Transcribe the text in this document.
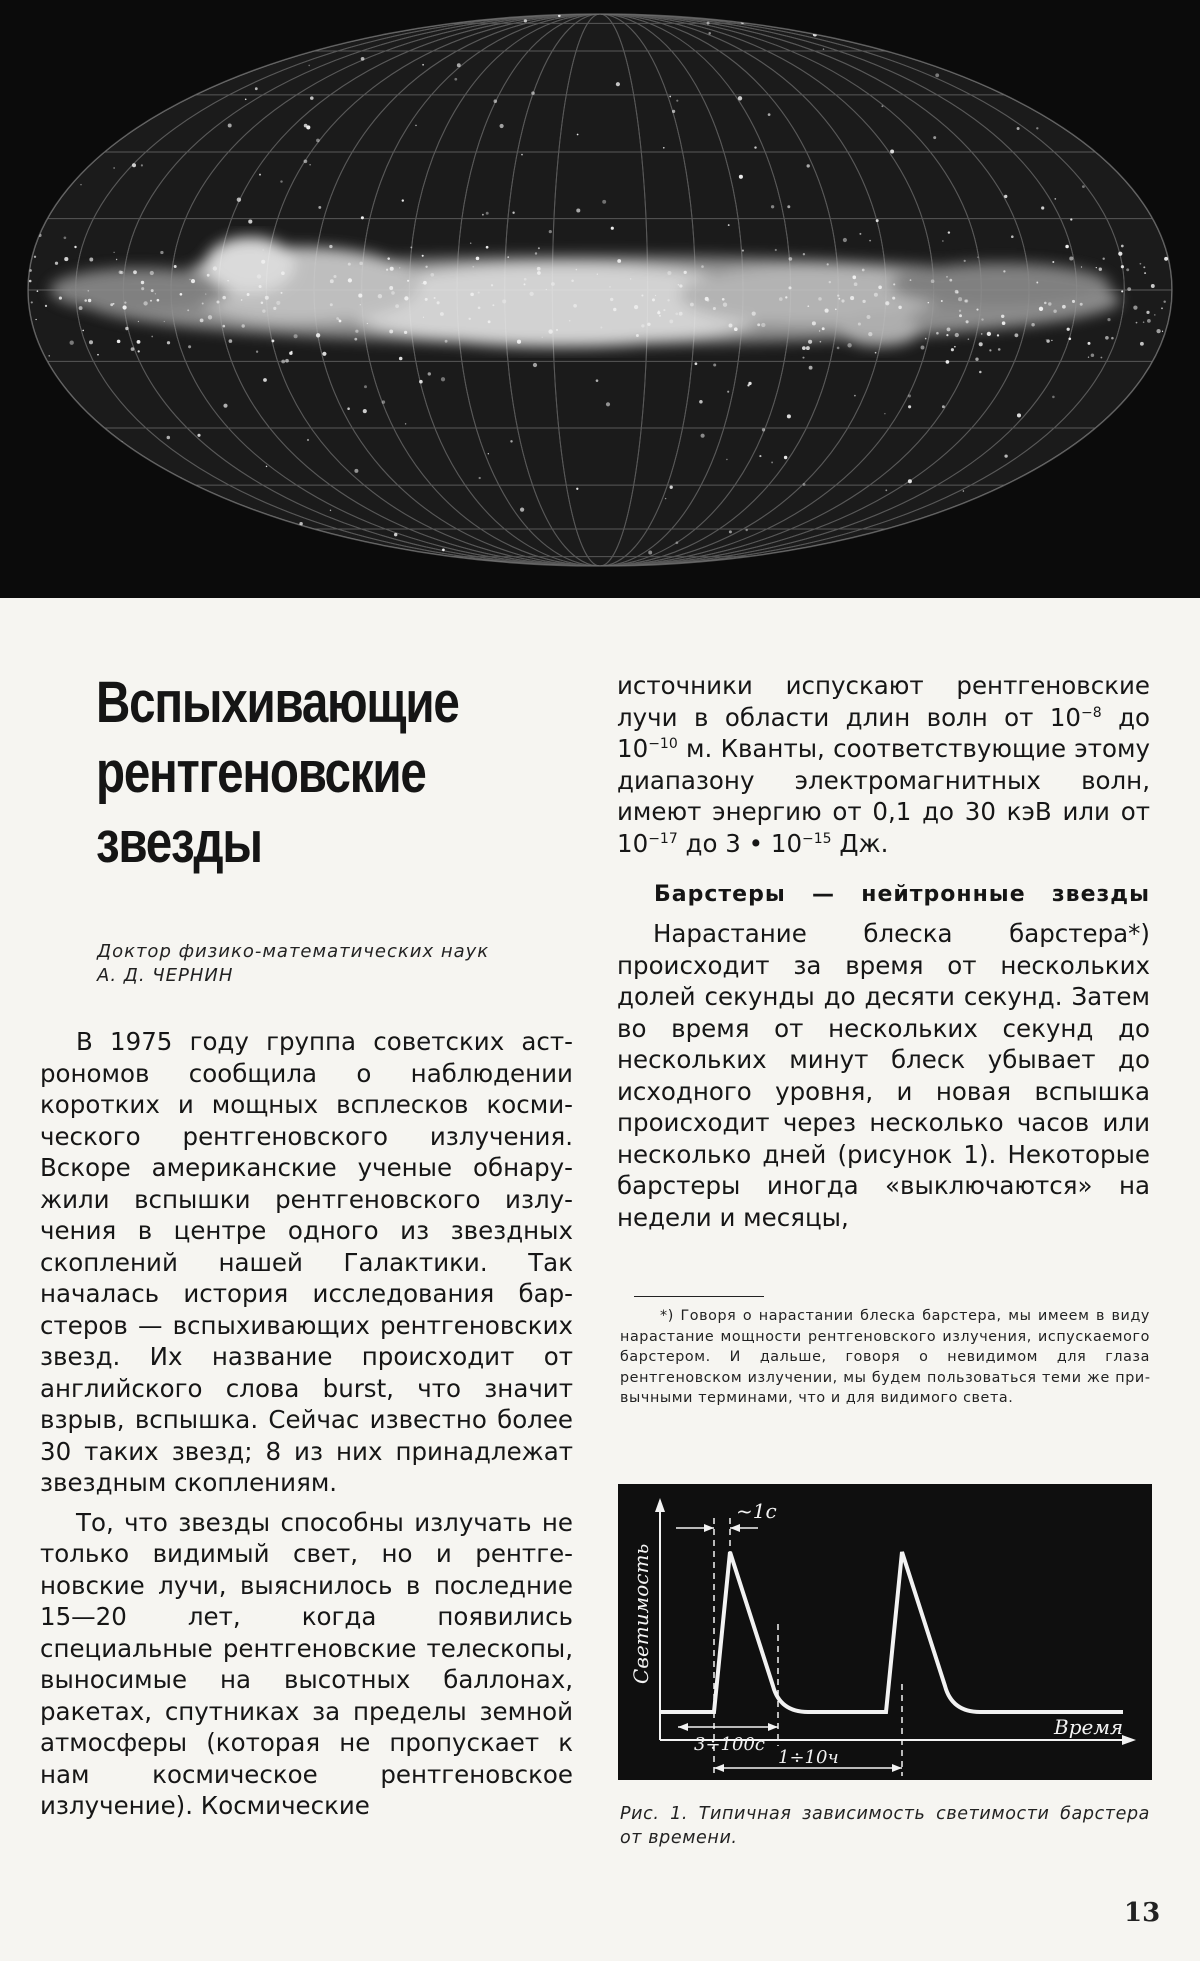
Вспыхивающие
рентгеновские
звезды
Доктор физико-математических наук
А. Д. ЧЕРНИН

В 1975 году группа советских астрономов сообщила о наблюдении коротких и мощных всплесков космического рентгеновского излучения. Вскоре американские ученые обнаружили вспышки рентгеновского излучения в центре одного из звездных скоплений нашей Галактики. Так началась история исследования барстеров — вспыхивающих рентгеновских звезд. Их название происходит от английского слова burst, что значит взрыв, вспышка. Сейчас известно более 30 таких звезд; 8 из них принадлежат звездным скоплениям.

То, что звезды способны излучать не только видимый свет, но и рентгеновские лучи, выяснилось в последние 15—20 лет, когда появились специальные рентгеновские телескопы, выносимые на высотных баллонах, ракетах, спутниках за пределы земной атмосферы (которая не пропускает к нам космическое рентгеновское излучение). Космические

источники испускают рентгеновские лучи в области длин волн от $10^{-8}$ до $10^{-10}$ м. Кванты, соответствующие этому диапазону электромагнитных волн, имеют энергию от 0,1 до 30 кэВ или от $10^{-17}$ до 3 • $10^{-15}$ Дж.

Барстеры — нейтронные звезды

Нарастание блеска барстера*) происходит за время от нескольких долей секунды до десяти секунд. Затем во время от нескольких секунд до нескольких минут блеск убывает до исходного уровня, и новая вспышка происходит через несколько часов или несколько дней (рисунок 1). Некоторые барстеры иногда «выключаются» на недели и месяцы,

*) Говоря о нарастании блеска барстера, мы имеем в виду нарастание мощности рентгеновского излучения, испускаемого барстером. И дальше, говоря о невидимом для глаза рентгеновском излучении, мы будем пользоваться теми же привычными терминами, что и для видимого света.

~1с
3÷100с
1÷10ч
Время
Светимость

Рис. 1. Типичная зависимость светимости барстера от времени.

13
